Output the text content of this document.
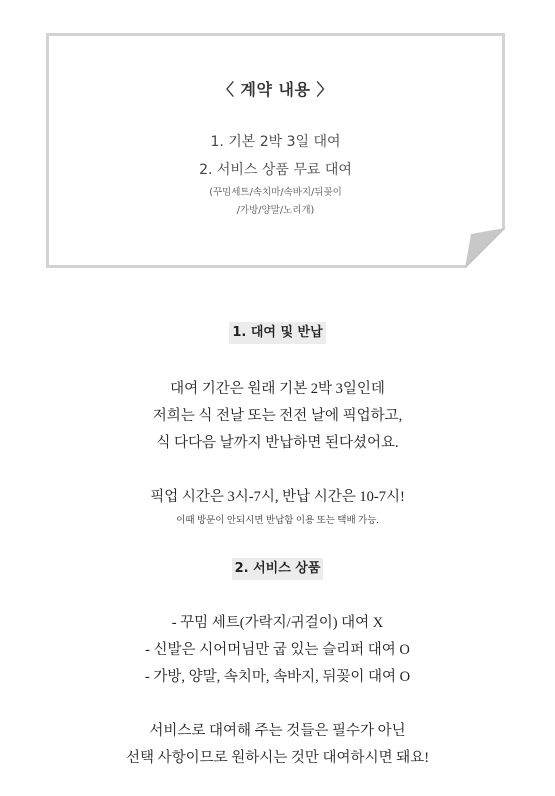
〈 계약 내용 〉
1. 기본 2박 3일 대여
2. 서비스 상품 무료 대여
(꾸밈세트/속치마/속바지/뒤꽂이
/가방/양말/노리개)
1. 대여 및 반납
대여 기간은 원래 기본 2박 3일인데
저희는 식 전날 또는 전전 날에 픽업하고,
식 다다음 날까지 반납하면 된다셨어요.
픽업 시간은 3시-7시, 반납 시간은 10-7시!
이때 방문이 안되시면 반납함 이용 또는 택배 가능.
2. 서비스 상품
- 꾸밈 세트(가락지/귀걸이) 대여 X
- 신발은 시어머님만 굽 있는 슬리퍼 대여 O
- 가방, 양말, 속치마, 속바지, 뒤꽂이 대여 O
서비스로 대여해 주는 것들은 필수가 아닌
선택 사항이므로 원하시는 것만 대여하시면 돼요!
